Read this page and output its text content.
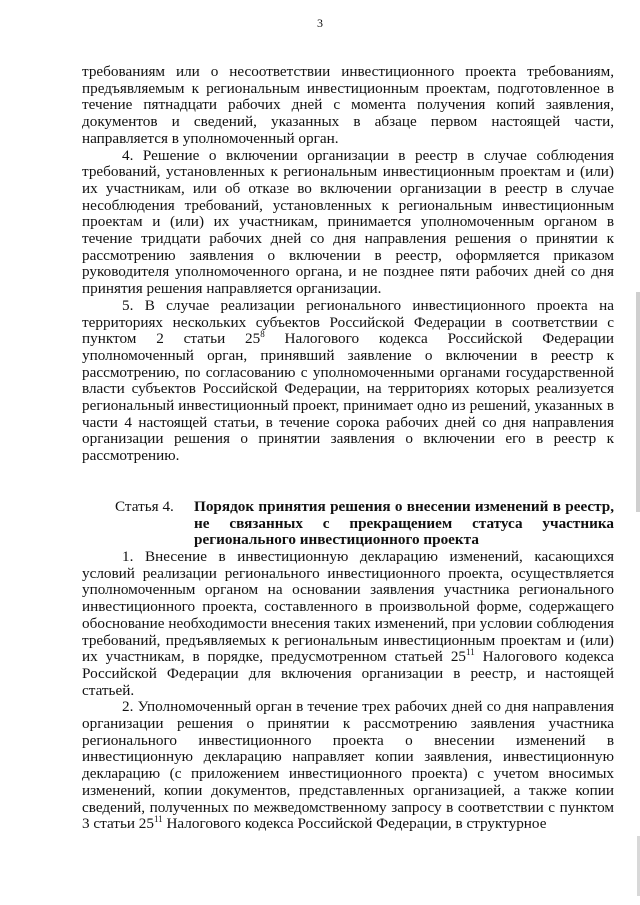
3

требованиям или о несоответствии инвестиционного проекта требованиям, предъявляемым к региональным инвестиционным проектам, подготовленное в течение пятнадцати рабочих дней с момента получения копий заявления, документов и сведений, указанных в абзаце первом настоящей части, направляется в уполномоченный орган.

4. Решение о включении организации в реестр в случае соблюдения требований, установленных к региональным инвестиционным проектам и (или) их участникам, или об отказе во включении организации в реестр в случае несоблюдения требований, установленных к региональным инвестиционным проектам и (или) их участникам, принимается уполномоченным органом в течение тридцати рабочих дней со дня направления решения о принятии к рассмотрению заявления о включении в реестр, оформляется приказом руководителя уполномоченного органа, и не позднее пяти рабочих дней со дня принятия решения направляется организации.

5. В случае реализации регионального инвестиционного проекта на территориях нескольких субъектов Российской Федерации в соответствии с пунктом 2 статьи $25^8$ Налогового кодекса Российской Федерации уполномоченный орган, принявший заявление о включении в реестр к рассмотрению, по согласованию с уполномоченными органами государственной власти субъектов Российской Федерации, на территориях которых реализуется региональный инвестиционный проект, принимает одно из решений, указанных в части 4 настоящей статьи, в течение сорока рабочих дней со дня направления организации решения о принятии заявления о включении его в реестр к рассмотрению.

Статья 4.	Порядок принятия решения о внесении изменений в реестр, не связанных с прекращением статуса участника регионального инвестиционного проекта

1. Внесение в инвестиционную декларацию изменений, касающихся условий реализации регионального инвестиционного проекта, осуществляется уполномоченным органом на основании заявления участника регионального инвестиционного проекта, составленного в произвольной форме, содержащего обоснование необходимости внесения таких изменений, при условии соблюдения требований, предъявляемых к региональным инвестиционным проектам и (или) их участникам, в порядке, предусмотренном статьей $25^{11}$ Налогового кодекса Российской Федерации для включения организации в реестр, и настоящей статьей.

2. Уполномоченный орган в течение трех рабочих дней со дня направления организации решения о принятии к рассмотрению заявления участника регионального инвестиционного проекта о внесении изменений в инвестиционную декларацию направляет копии заявления, инвестиционную декларацию (с приложением инвестиционного проекта) с учетом вносимых изменений, копии документов, представленных организацией, а также копии сведений, полученных по межведомственному запросу в соответствии с пунктом 3 статьи $25^{11}$ Налогового кодекса Российской Федерации, в структурное
